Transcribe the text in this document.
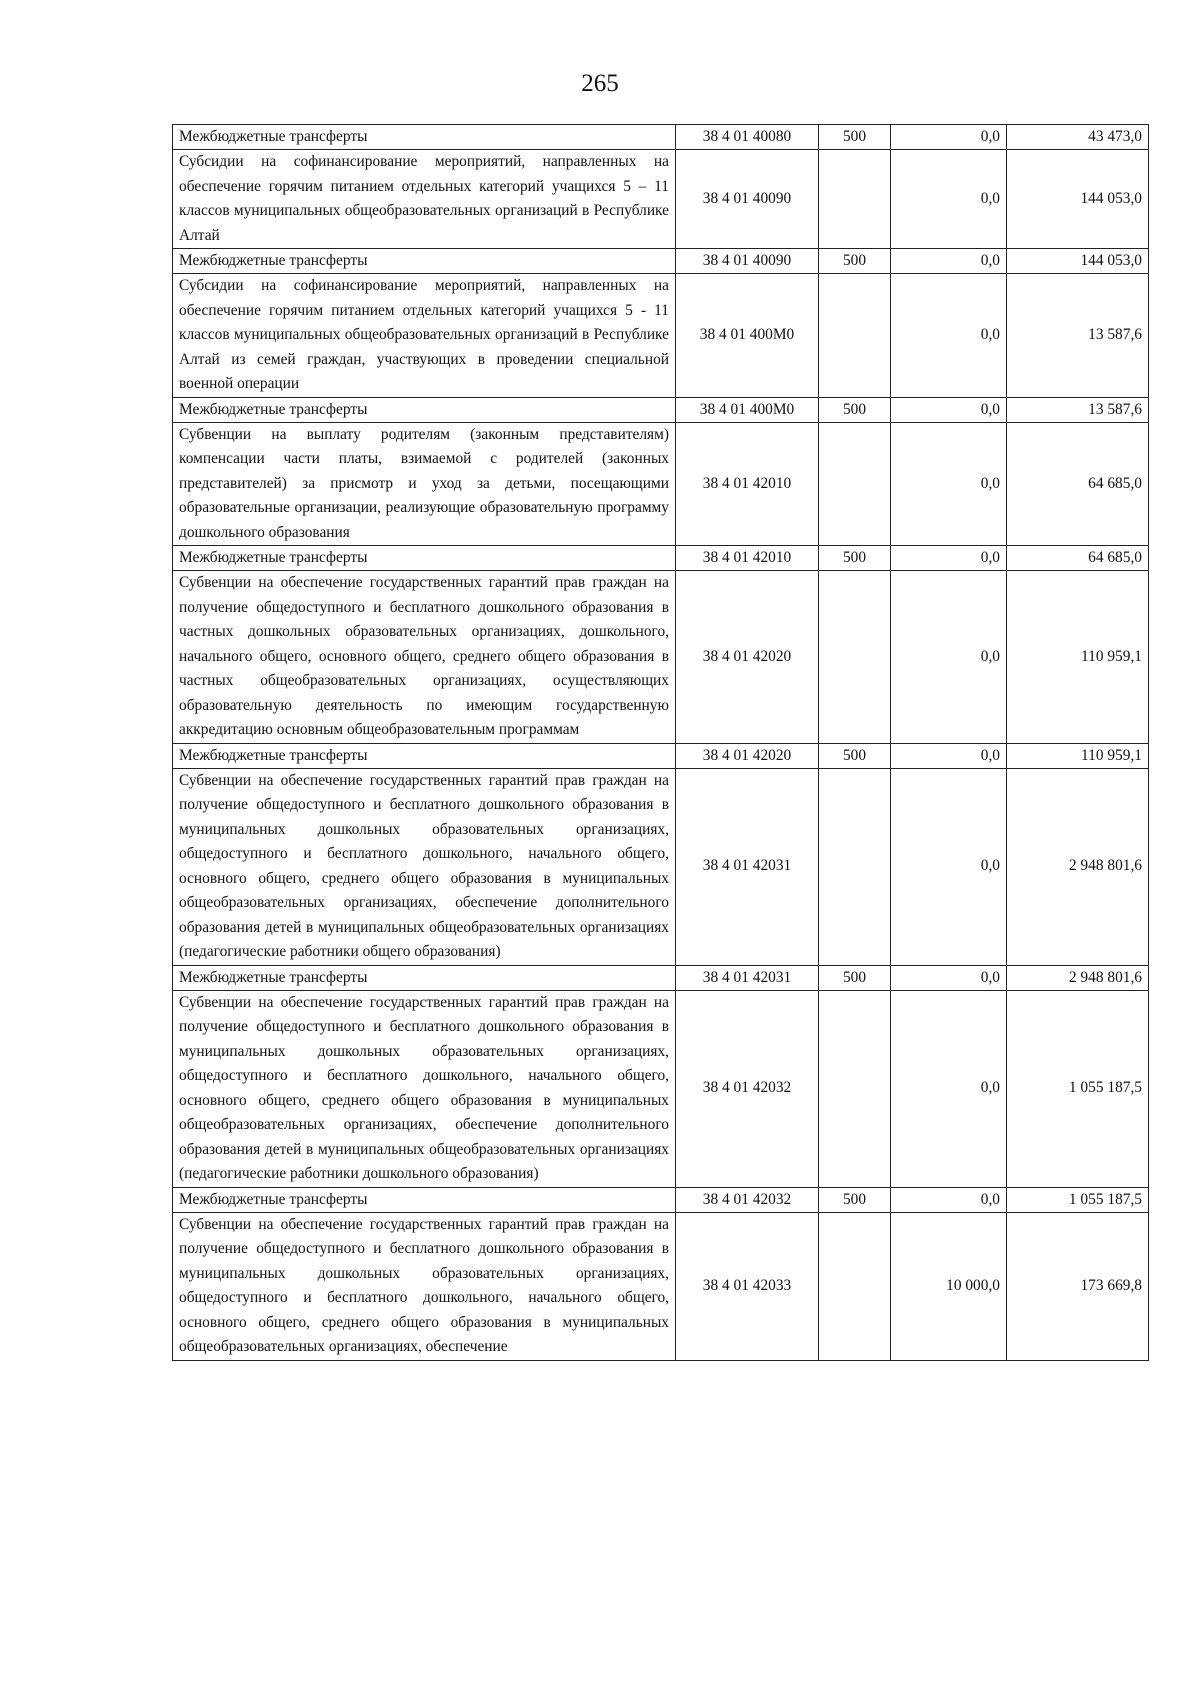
265
Межбюджетные трансферты	38 4 01 40080	500	0,0	43 473,0
Субсидии на софинансирование мероприятий, направленных на обеспечение горячим питанием отдельных категорий учащихся 5 – 11 классов муниципальных общеобразовательных организаций в Республике Алтай	38 4 01 40090		0,0	144 053,0
Межбюджетные трансферты	38 4 01 40090	500	0,0	144 053,0
Субсидии на софинансирование мероприятий, направленных на обеспечение горячим питанием отдельных категорий учащихся 5 - 11 классов муниципальных общеобразовательных организаций в Республике Алтай из семей граждан, участвующих в проведении специальной военной операции	38 4 01 400М0		0,0	13 587,6
Межбюджетные трансферты	38 4 01 400М0	500	0,0	13 587,6
Субвенции на выплату родителям (законным представителям) компенсации части платы, взимаемой с родителей (законных представителей) за присмотр и уход за детьми, посещающими образовательные организации, реализующие образовательную программу дошкольного образования	38 4 01 42010		0,0	64 685,0
Межбюджетные трансферты	38 4 01 42010	500	0,0	64 685,0
Субвенции на обеспечение государственных гарантий прав граждан на получение общедоступного и бесплатного дошкольного образования в частных дошкольных образовательных организациях, дошкольного, начального общего, основного общего, среднего общего образования в частных общеобразовательных организациях, осуществляющих образовательную деятельность по имеющим государственную аккредитацию основным общеобразовательным программам	38 4 01 42020		0,0	110 959,1
Межбюджетные трансферты	38 4 01 42020	500	0,0	110 959,1
Субвенции на обеспечение государственных гарантий прав граждан на получение общедоступного и бесплатного дошкольного образования в муниципальных дошкольных образовательных организациях, общедоступного и бесплатного дошкольного, начального общего, основного общего, среднего общего образования в муниципальных общеобразовательных организациях, обеспечение дополнительного образования детей в муниципальных общеобразовательных организациях (педагогические работники общего образования)	38 4 01 42031		0,0	2 948 801,6
Межбюджетные трансферты	38 4 01 42031	500	0,0	2 948 801,6
Субвенции на обеспечение государственных гарантий прав граждан на получение общедоступного и бесплатного дошкольного образования в муниципальных дошкольных образовательных организациях, общедоступного и бесплатного дошкольного, начального общего, основного общего, среднего общего образования в муниципальных общеобразовательных организациях, обеспечение дополнительного образования детей в муниципальных общеобразовательных организациях (педагогические работники дошкольного образования)	38 4 01 42032		0,0	1 055 187,5
Межбюджетные трансферты	38 4 01 42032	500	0,0	1 055 187,5
Субвенции на обеспечение государственных гарантий прав граждан на получение общедоступного и бесплатного дошкольного образования в муниципальных дошкольных образовательных организациях, общедоступного и бесплатного дошкольного, начального общего, основного общего, среднего общего образования в муниципальных общеобразовательных организациях, обеспечение	38 4 01 42033		10 000,0	173 669,8
